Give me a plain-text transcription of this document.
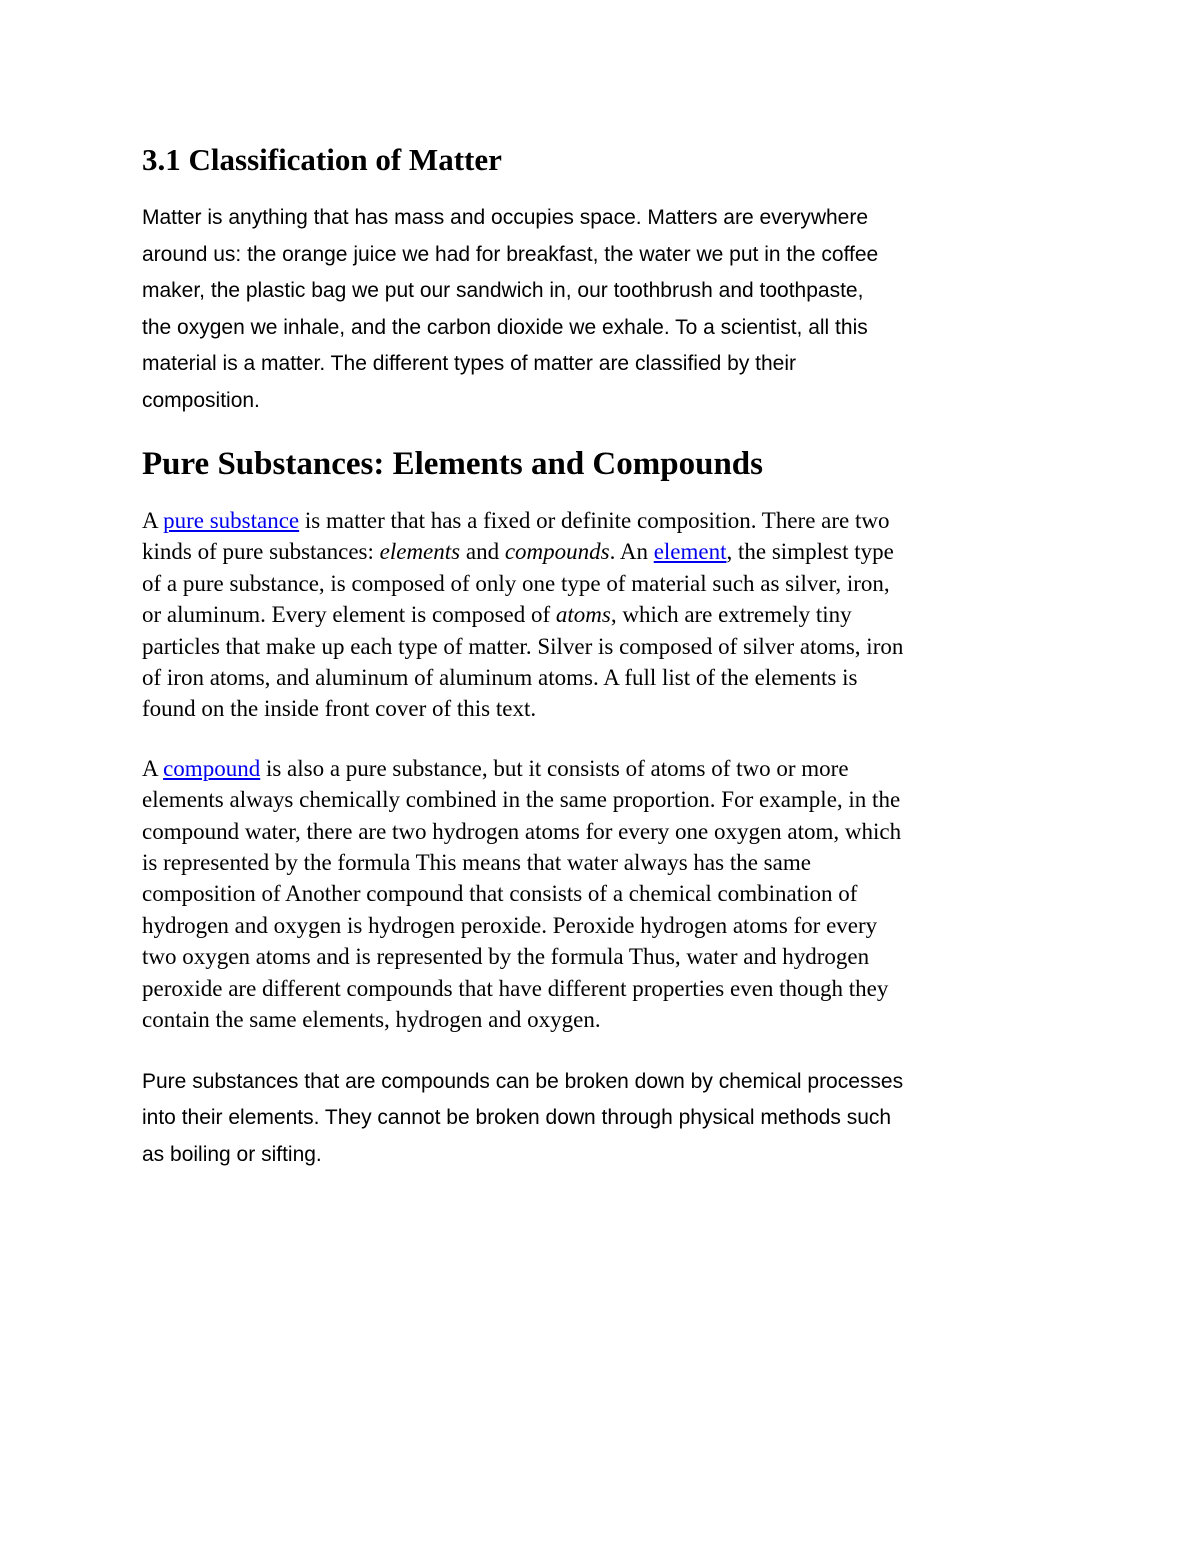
3.1 Classification of Matter
Matter is anything that has mass and occupies space. Matters are everywhere
around us: the orange juice we had for breakfast, the water we put in the coffee
maker, the plastic bag we put our sandwich in, our toothbrush and toothpaste,
the oxygen we inhale, and the carbon dioxide we exhale. To a scientist, all this
material is a matter. The different types of matter are classified by their
composition.
Pure Substances: Elements and Compounds
A pure substance is matter that has a fixed or definite composition. There are two
kinds of pure substances: elements and compounds. An element, the simplest type
of a pure substance, is composed of only one type of material such as silver, iron,
or aluminum. Every element is composed of atoms, which are extremely tiny
particles that make up each type of matter. Silver is composed of silver atoms, iron
of iron atoms, and aluminum of aluminum atoms. A full list of the elements is
found on the inside front cover of this text.
A compound is also a pure substance, but it consists of atoms of two or more
elements always chemically combined in the same proportion. For example, in the
compound water, there are two hydrogen atoms for every one oxygen atom, which
is represented by the formula This means that water always has the same
composition of Another compound that consists of a chemical combination of
hydrogen and oxygen is hydrogen peroxide. Peroxide hydrogen atoms for every
two oxygen atoms and is represented by the formula Thus, water and hydrogen
peroxide are different compounds that have different properties even though they
contain the same elements, hydrogen and oxygen.
Pure substances that are compounds can be broken down by chemical processes
into their elements. They cannot be broken down through physical methods such
as boiling or sifting.
